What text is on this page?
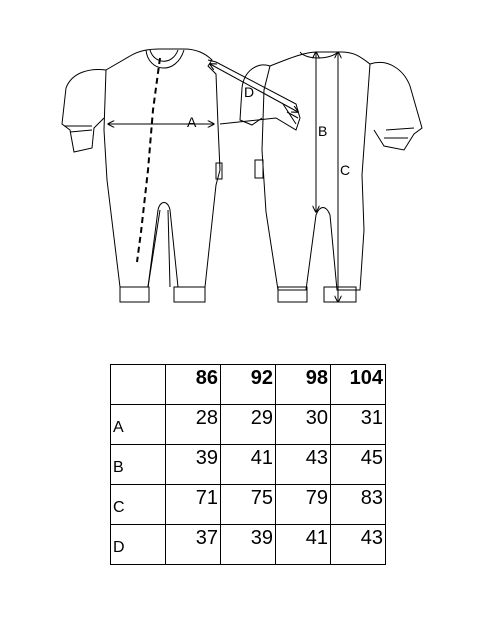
A
D
B
C
	86	92	98	104
A	28	29	30	31
B	39	41	43	45
C	71	75	79	83
D	37	39	41	43
